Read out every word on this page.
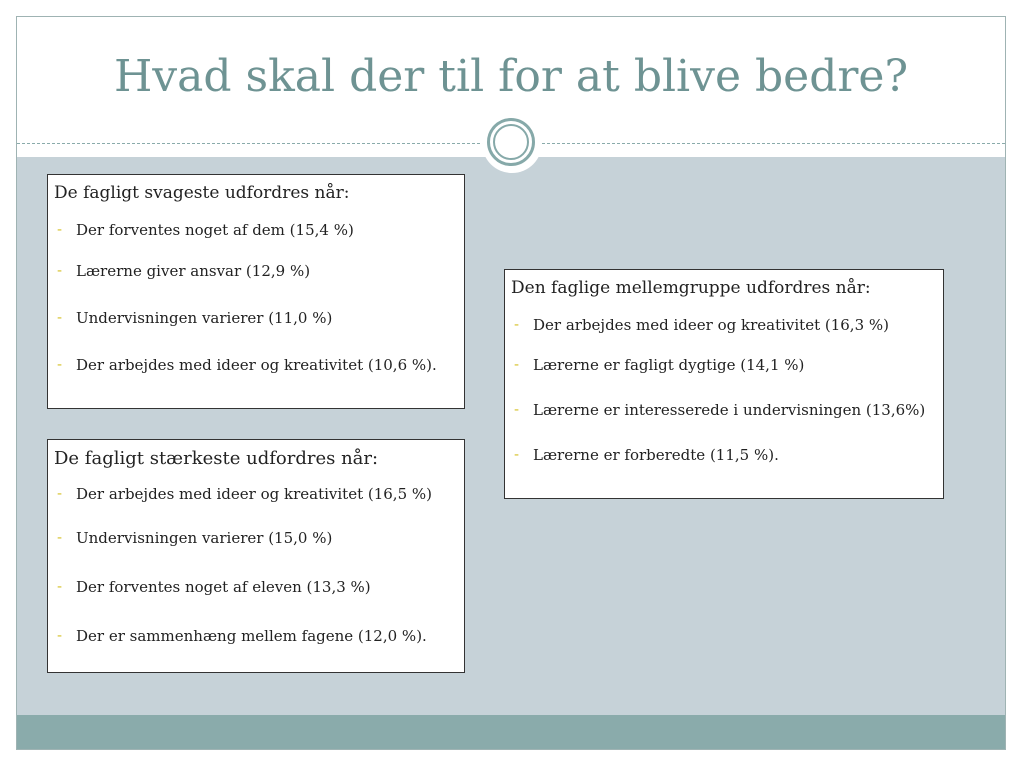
Hvad skal der til for at blive bedre?

De fagligt svageste udfordres når:

- Der forventes noget af dem (15,4 %)
- Lærerne giver ansvar (12,9 %)
- Undervisningen varierer (11,0 %)
- Der arbejdes med ideer og kreativitet (10,6 %).

De fagligt stærkeste udfordres når:

- Der arbejdes med ideer og kreativitet (16,5 %)
- Undervisningen varierer (15,0 %)
- Der forventes noget af eleven (13,3 %)
- Der er sammenhæng mellem fagene (12,0 %).

Den faglige mellemgruppe udfordres når:

- Der arbejdes med ideer og kreativitet (16,3 %)
- Lærerne er fagligt dygtige (14,1 %)
- Lærerne er interesserede i undervisningen (13,6%)
- Lærerne er forberedte (11,5 %).
